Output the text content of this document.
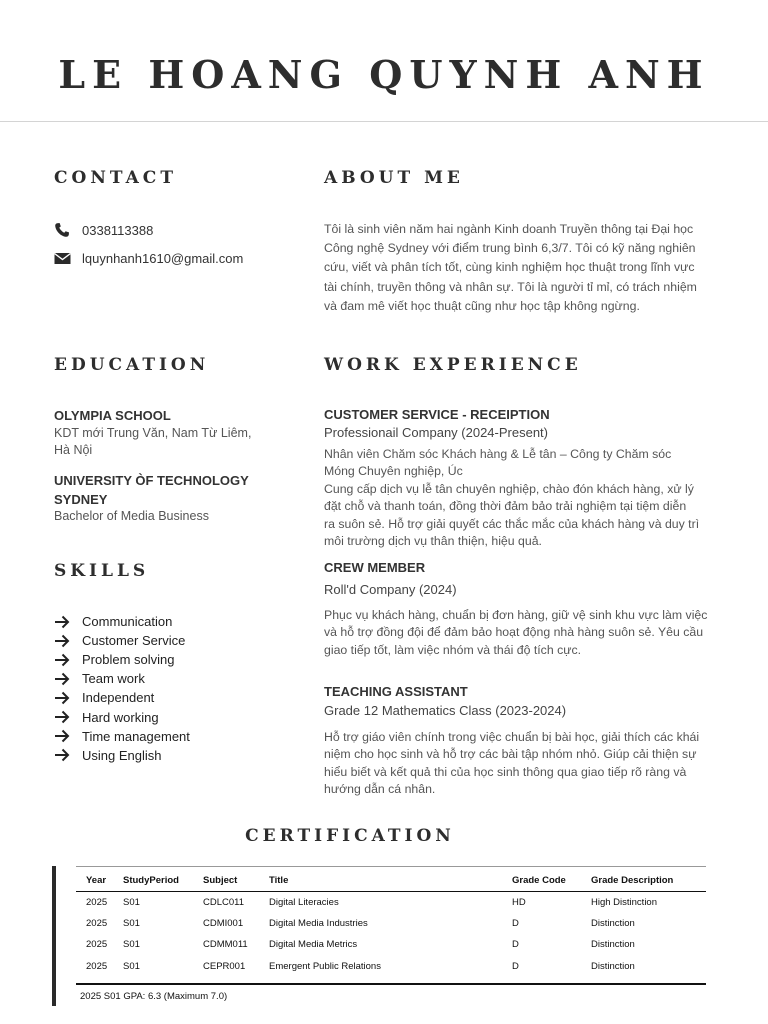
LE HOANG QUYNH ANH
CONTACT
0338113388
lquynhanh1610@gmail.com
ABOUT ME
Tôi là sinh viên năm hai ngành Kinh doanh Truyền thông tại Đại học
Công nghệ Sydney với điểm trung bình 6,3/7. Tôi có kỹ năng nghiên
cứu, viết và phân tích tốt, cùng kinh nghiệm học thuật trong lĩnh vực
tài chính, truyền thông và nhân sự. Tôi là người tỉ mỉ, có trách nhiệm
và đam mê viết học thuật cũng như học tập không ngừng.
EDUCATION
OLYMPIA SCHOOL
KDT mới Trung Văn, Nam Từ Liêm,
Hà Nội
UNIVERSITY ÒF TECHNOLOGY
SYDNEY
Bachelor of Media Business
SKILLS
Communication
Customer Service
Problem solving
Team work
Independent
Hard working
Time management
Using English
WORK EXPERIENCE
CUSTOMER SERVICE - RECEIPTION
Professionail Company (2024-Present)
Nhân viên Chăm sóc Khách hàng & Lễ tân – Công ty Chăm sóc
Móng Chuyên nghiệp, Úc
Cung cấp dịch vụ lễ tân chuyên nghiệp, chào đón khách hàng, xử lý
đặt chỗ và thanh toán, đồng thời đảm bảo trải nghiệm tại tiệm diễn
ra suôn sẻ. Hỗ trợ giải quyết các thắc mắc của khách hàng và duy trì
môi trường dịch vụ thân thiện, hiệu quả.
CREW MEMBER
Roll'd Company (2024)
Phục vụ khách hàng, chuẩn bị đơn hàng, giữ vệ sinh khu vực làm việc
và hỗ trợ đồng đội để đảm bảo hoạt động nhà hàng suôn sẻ. Yêu cầu
giao tiếp tốt, làm việc nhóm và thái độ tích cực.
TEACHING ASSISTANT
Grade 12 Mathematics Class (2023-2024)
Hỗ trợ giáo viên chính trong việc chuẩn bị bài học, giải thích các khái
niệm cho học sinh và hỗ trợ các bài tập nhóm nhỏ. Giúp cải thiện sự
hiểu biết và kết quả thi của học sinh thông qua giao tiếp rõ ràng và
hướng dẫn cá nhân.
CERTIFICATION
Year	StudyPeriod	Subject	Title	Grade Code	Grade Description
2025	S01	CDLC011	Digital Literacies	HD	High Distinction
2025	S01	CDMI001	Digital Media Industries	D	Distinction
2025	S01	CDMM011	Digital Media Metrics	D	Distinction
2025	S01	CEPR001	Emergent Public Relations	D	Distinction
2025 S01 GPA: 6.3 (Maximum 7.0)
